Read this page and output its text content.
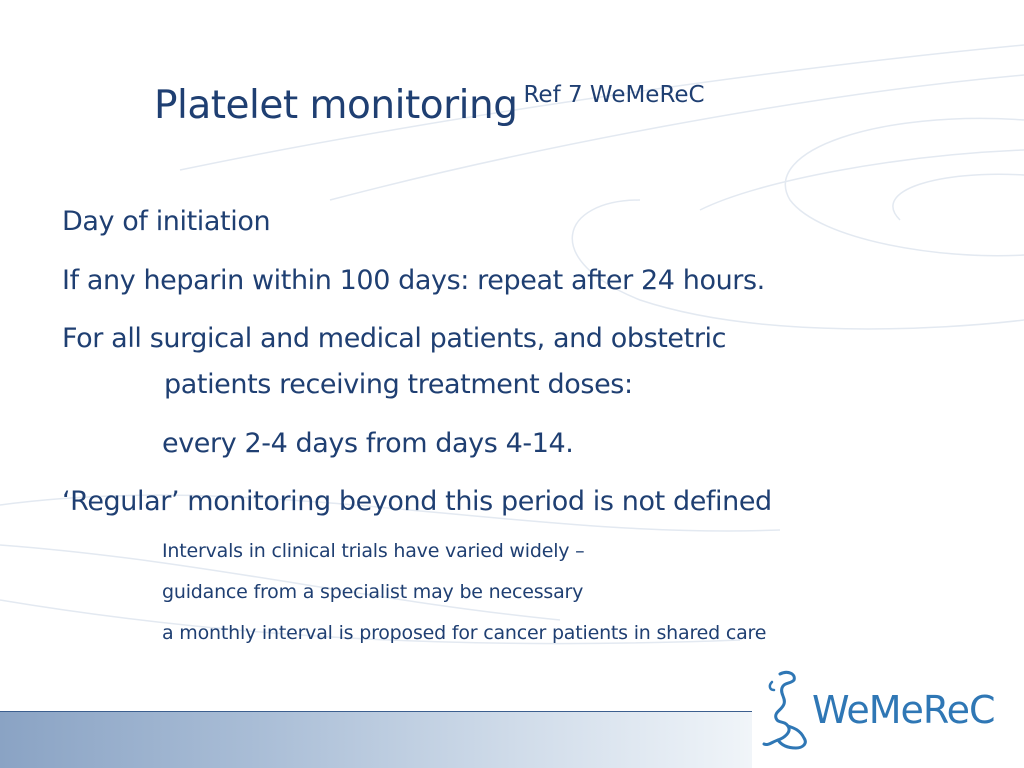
Platelet monitoring $^{Ref 7 WeMeReC}$
Day of initiation
If any heparin within 100 days: repeat after 24 hours.
For all surgical and medical patients, and obstetric
patients receiving treatment doses:
every 2-4 days from days 4-14.
‘Regular’ monitoring beyond this period is not defined
Intervals in clinical trials have varied widely –
guidance from a specialist may be necessary
a monthly interval is proposed for cancer patients in shared care
WeMeReC
